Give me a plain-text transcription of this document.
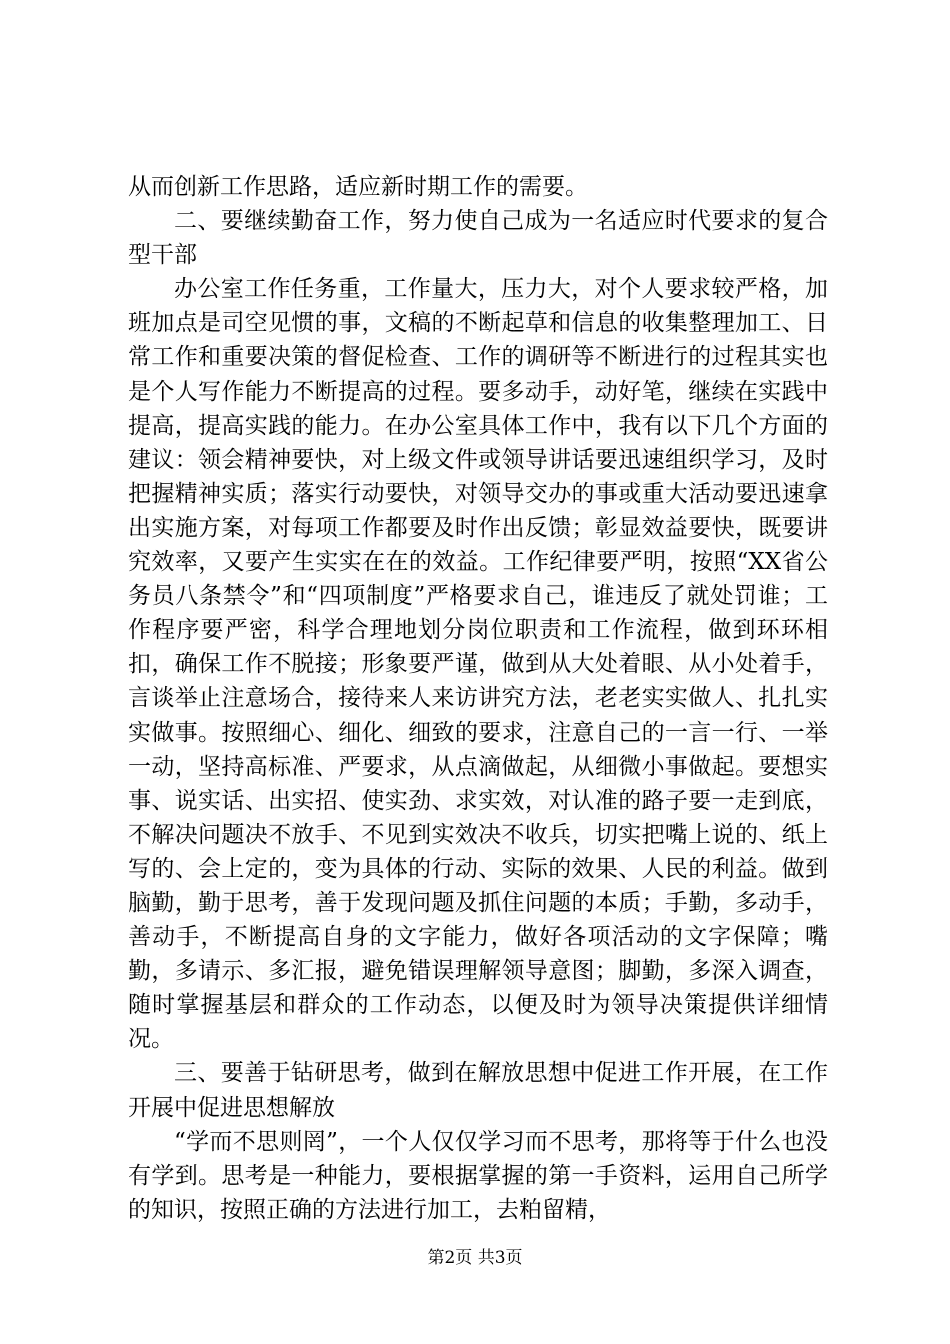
从而创新工作思路，适应新时期工作的需要。

二、要继续勤奋工作，努力使自己成为一名适应时代要求的复合型干部

办公室工作任务重，工作量大，压力大，对个人要求较严格，加班加点是司空见惯的事，文稿的不断起草和信息的收集整理加工、日常工作和重要决策的督促检查、工作的调研等不断进行的过程其实也是个人写作能力不断提高的过程。要多动手，动好笔，继续在实践中提高，提高实践的能力。在办公室具体工作中，我有以下几个方面的建议：领会精神要快，对上级文件或领导讲话要迅速组织学习，及时把握精神实质；落实行动要快，对领导交办的事或重大活动要迅速拿出实施方案，对每项工作都要及时作出反馈；彰显效益要快，既要讲究效率，又要产生实实在在的效益。工作纪律要严明，按照“XX省公务员八条禁令”和“四项制度”严格要求自己，谁违反了就处罚谁；工作程序要严密，科学合理地划分岗位职责和工作流程，做到环环相扣，确保工作不脱接；形象要严谨，做到从大处着眼、从小处着手，言谈举止注意场合，接待来人来访讲究方法，老老实实做人、扎扎实实做事。按照细心、细化、细致的要求，注意自己的一言一行、一举一动，坚持高标准、严要求，从点滴做起，从细微小事做起。要想实事、说实话、出实招、使实劲、求实效，对认准的路子要一走到底，不解决问题决不放手、不见到实效决不收兵，切实把嘴上说的、纸上写的、会上定的，变为具体的行动、实际的效果、人民的利益。做到脑勤，勤于思考，善于发现问题及抓住问题的本质；手勤，多动手，善动手，不断提高自身的文字能力，做好各项活动的文字保障；嘴勤，多请示、多汇报，避免错误理解领导意图；脚勤，多深入调查，随时掌握基层和群众的工作动态，以便及时为领导决策提供详细情况。

三、要善于钻研思考，做到在解放思想中促进工作开展，在工作开展中促进思想解放

“学而不思则罔”，一个人仅仅学习而不思考，那将等于什么也没有学到。思考是一种能力，要根据掌握的第一手资料，运用自己所学的知识，按照正确的方法进行加工，去粕留精，

第2页 共3页
